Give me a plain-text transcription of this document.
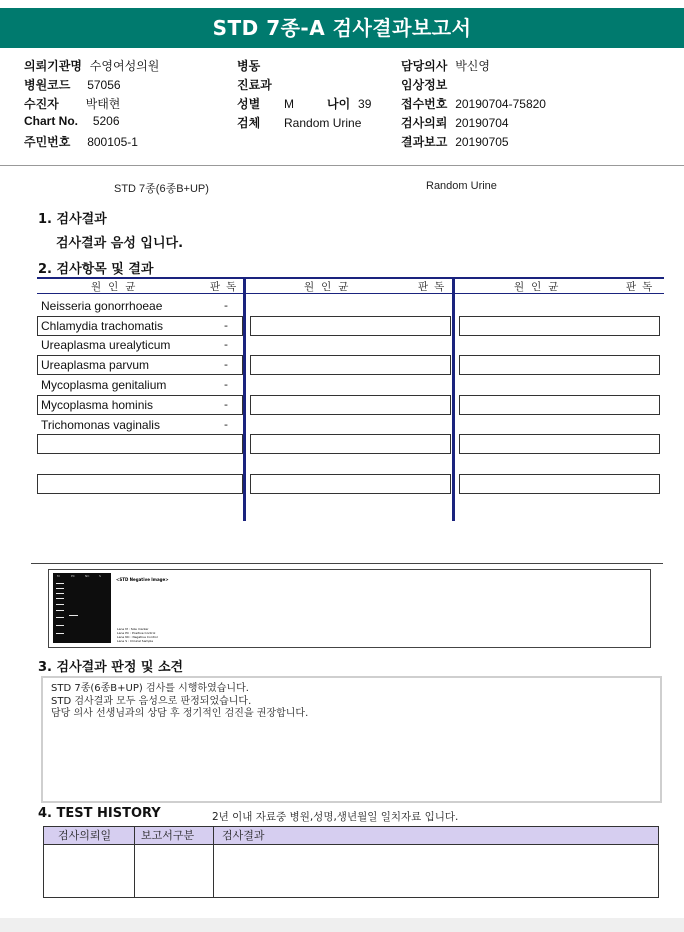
STD 7종-A 검사결과보고서
의뢰기관명 수영여성의원
병원코드 57056
수진자 박태현
Chart No. 5206
주민번호 800105-1
병동
진료과
성별 M	나이 39
검체 Random Urine
담당의사 박신영
임상정보
접수번호 20190704-75820
검사의뢰 20190704
결과보고 20190705
STD 7종(6종B+UP)	Random Urine
1. 검사결과
검사결과 음성 입니다.
2. 검사항목 및 결과
원인균	판독	원인균	판독	원인균	판독
Neisseria gonorrhoeae	-
Chlamydia trachomatis	-
Ureaplasma urealyticum	-
Ureaplasma parvum	-
Mycoplasma genitalium	-
Mycoplasma hominis	-
Trichomonas vaginalis	-
M	PC	NC	S
<STD Negative Image>
Lane M : Size marker
Lane PC : Positive Control
Lane NC : Negative Control
Lane S : Clinical Sample
3. 검사결과 판정 및 소견
STD 7종(6종B+UP) 검사를 시행하였습니다.
STD 검사결과 모두 음성으로 판정되었습니다.
담당 의사 선생님과의 상담 후 정기적인 검진을 권장합니다.
4. TEST HISTORY	2년 이내 자료중 병원,성명,생년월일 일치자료 입니다.
검사의뢰일	보고서구분	검사결과
